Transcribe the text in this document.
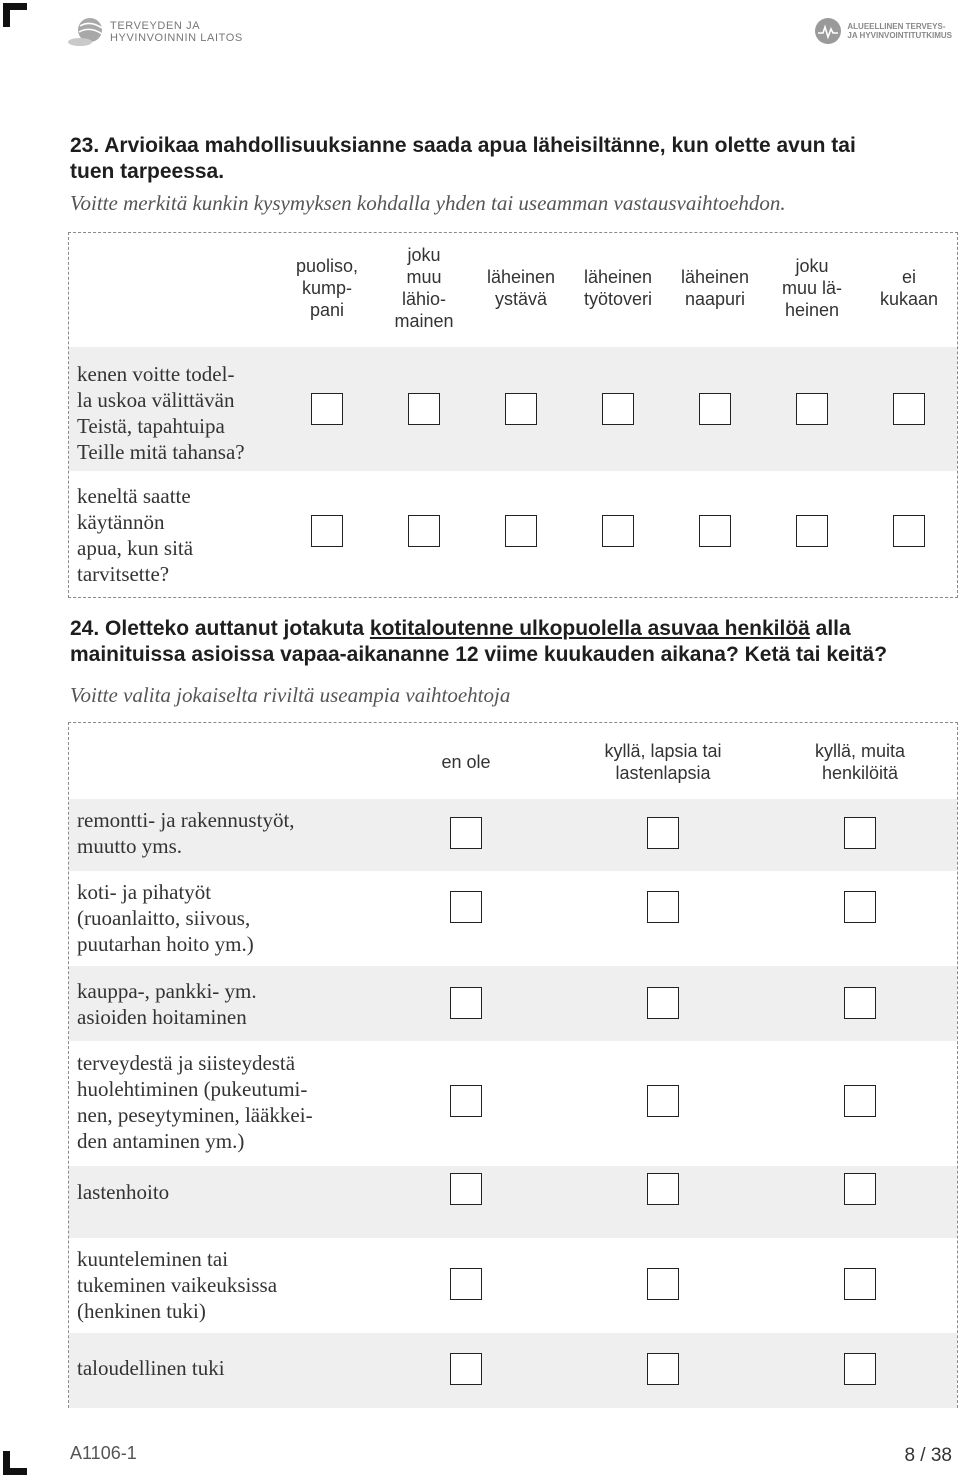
TERVEYDEN JA
HYVINVOINNIN LAITOS
ALUEELLINEN TERVEYS-
JA HYVINVOINTITUTKIMUS
23. Arvioikaa mahdollisuuksianne saada apua läheisiltänne, kun olette avun tai
tuen tarpeessa.
Voitte merkitä kunkin kysymyksen kohdalla yhden tai useamman vastausvaihtoehdon.
puoliso,
kump-
pani
joku
muu
lähio-
mainen
läheinen
ystävä
läheinen
työtoveri
läheinen
naapuri
joku
muu lä-
heinen
ei
kukaan
kenen voitte todel-
la uskoa välittävän
Teistä, tapahtuipa
Teille mitä tahansa?
keneltä saatte
käytännön
apua, kun sitä
tarvitsette?
24. Oletteko auttanut jotakuta kotitaloutenne ulkopuolella asuvaa henkilöä alla
mainituissa asioissa vapaa-aikananne 12 viime kuukauden aikana? Ketä tai keitä?
Voitte valita jokaiselta riviltä useampia vaihtoehtoja
en ole
kyllä, lapsia tai
lastenlapsia
kyllä, muita
henkilöitä
remontti- ja rakennustyöt,
muutto yms.
koti- ja pihatyöt
(ruoanlaitto, siivous,
puutarhan hoito ym.)
kauppa-, pankki- ym.
asioiden hoitaminen
terveydestä ja siisteydestä
huolehtiminen (pukeutumi-
nen, peseytyminen, lääkkei-
den antaminen ym.)
lastenhoito
kuunteleminen tai
tukeminen vaikeuksissa
(henkinen tuki)
taloudellinen tuki
A1106-1	8 / 38
